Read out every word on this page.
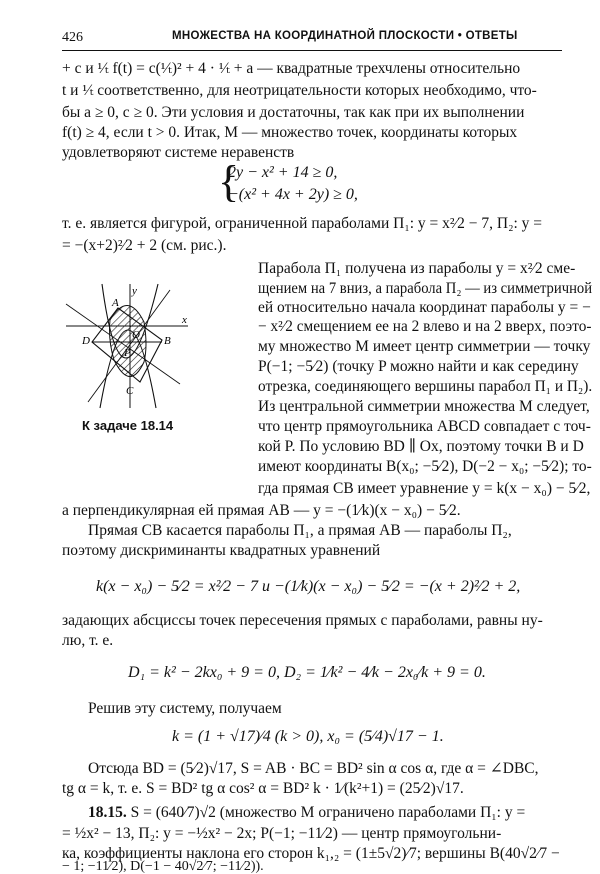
426	МНОЖЕСТВА НА КООРДИНАТНОЙ ПЛОСКОСТИ • ОТВЕТЫ
+ c и ¹⁄ₜ f(t) = c(¹⁄ₜ)² + 4 · ¹⁄ₜ + a — квадратные трехчлены относительно
t и ¹⁄ₜ соответственно, для неотрицательности которых необходимо, что-
бы a ≥ 0, c ≥ 0. Эти условия и достаточны, так как при их выполнении
f(t) ≥ 4, если t > 0. Итак, M — множество точек, координаты которых
удовлетворяют системе неравенств
{
2y − x² + 14 ≥ 0,
−(x² + 4x + 2y) ≥ 0,
т. е. является фигурой, ограниченной параболами Π₁: y = x²⁄2 − 7, Π₂: y =
= −(x+2)²⁄2 + 2 (см. рис.).
Парабола Π₁ получена из параболы y = x²⁄2 сме-
щением на 7 вниз, а парабола Π₂ — из симметричной
ей относительно начала координат параболы y = −
− x²⁄2 смещением ее на 2 влево и на 2 вверх, поэто-
му множество M имеет центр симметрии — точку
P(−1; −5⁄2) (точку P можно найти и как середину
отрезка, соединяющего вершины парабол Π₁ и Π₂).
Из центральной симметрии множества M следует,
что центр прямоугольника ABCD совпадает с точ-
кой P. По условию BD ∥ Ox, поэтому точки B и D
имеют координаты B(x₀; −5⁄2), D(−2 − x₀; −5⁄2); то-
гда прямая CB имеет уравнение y = k(x − x₀) − 5⁄2,
y
A
x
O
D
P
B
C
К задаче 18.14
а перпендикулярная ей прямая AB — y = −(1⁄k)(x − x₀) − 5⁄2.
Прямая CB касается параболы Π₁, а прямая AB — параболы Π₂,
поэтому дискриминанты квадратных уравнений
k(x − x₀) − 5⁄2 = x²⁄2 − 7 и −(1⁄k)(x − x₀) − 5⁄2 = −(x + 2)²⁄2 + 2,
задающих абсциссы точек пересечения прямых с параболами, равны ну-
лю, т. е.
D₁ = k² − 2kx₀ + 9 = 0, D₂ = 1⁄k² − 4⁄k − 2x₀⁄k + 9 = 0.
Решив эту систему, получаем
k = (1 + √17)⁄4 (k > 0), x₀ = (5⁄4)√17 − 1.
Отсюда BD = (5⁄2)√17, S = AB · BC = BD² sin α cos α, где α = ∠DBC,
tg α = k, т. е. S = BD² tg α cos² α = BD² k · 1⁄(k²+1) = (25⁄2)√17.
18.15. S = (640⁄7)√2 (множество M ограничено параболами Π₁: y =
= ½x² − 13, Π₂: y = −½x² − 2x; P(−1; −11⁄2) — центр прямоугольни-
ка, коэффициенты наклона его сторон k₁,₂ = (1±5√2)⁄7; вершины B(40√2⁄7 −
− 1; −11⁄2), D(−1 − 40√2⁄7; −11⁄2)).
